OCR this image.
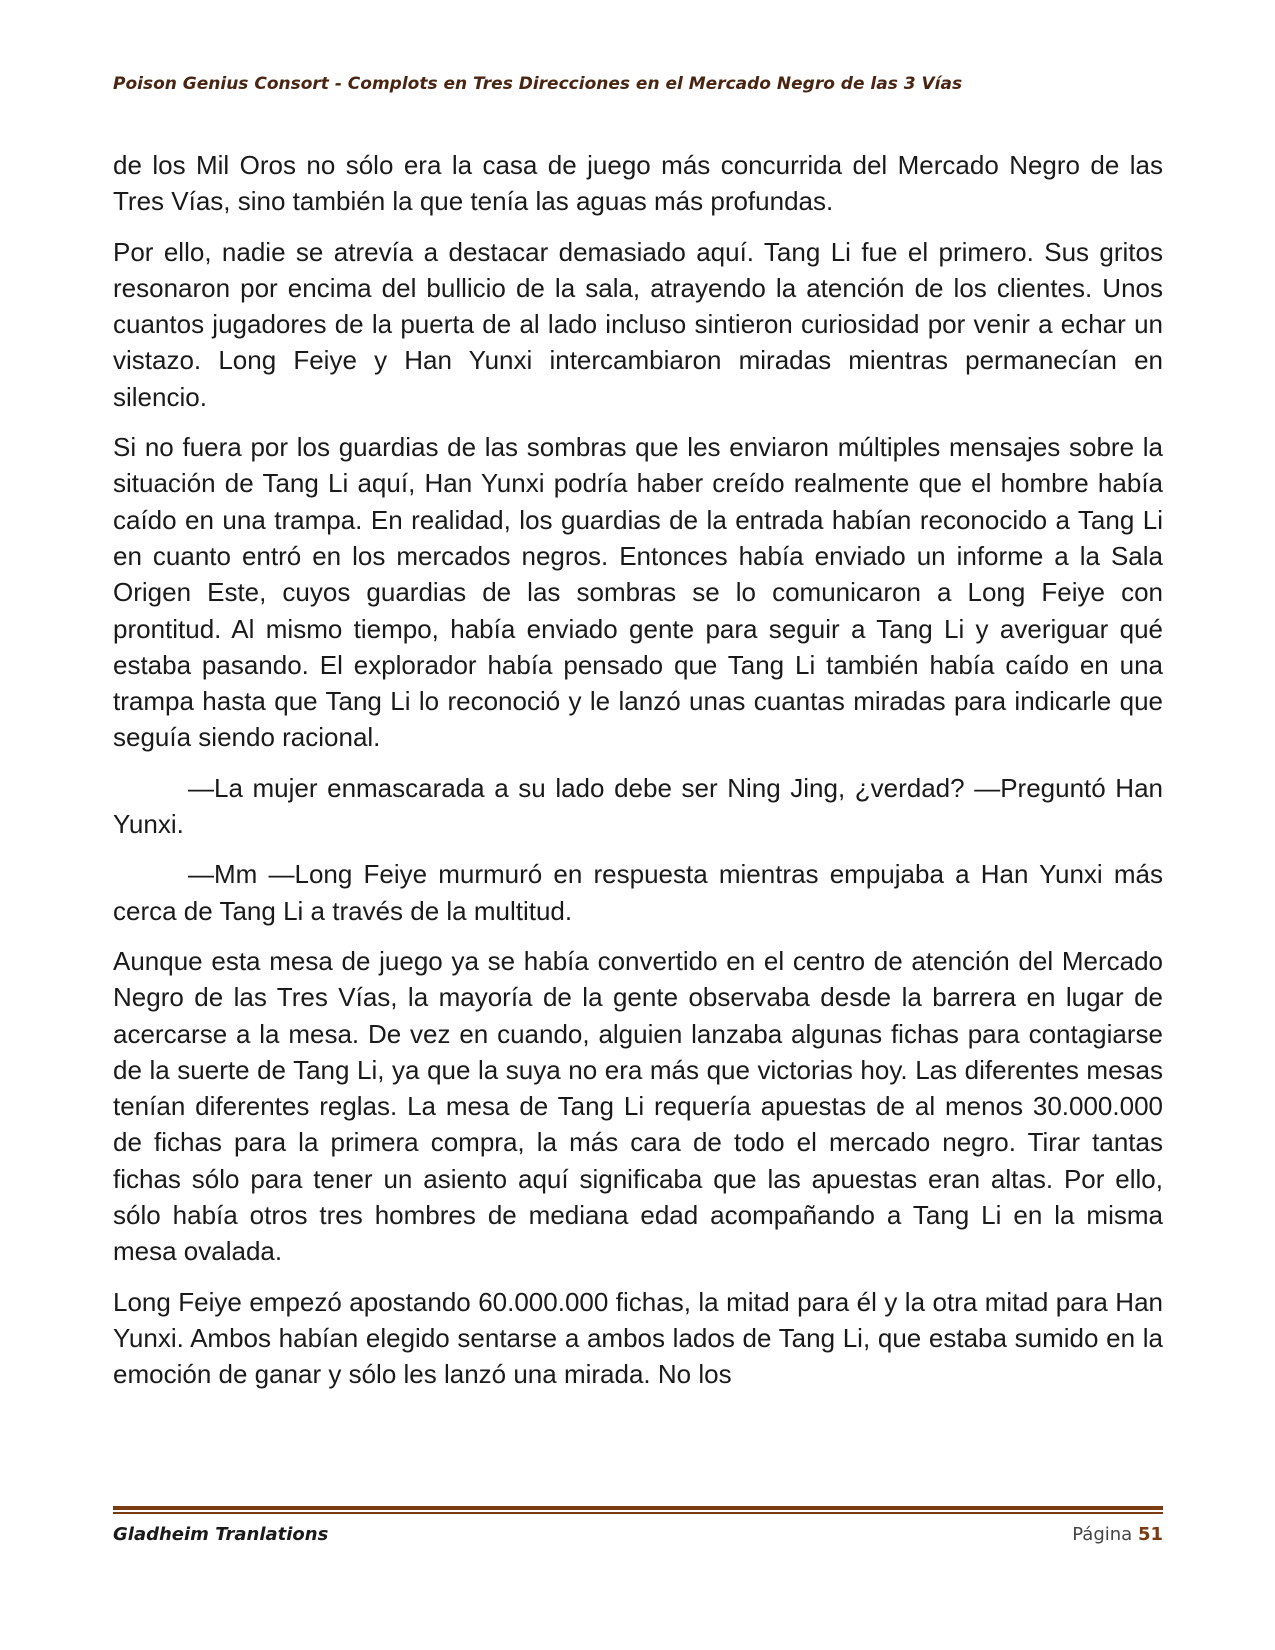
Poison Genius Consort - Complots en Tres Direcciones en el Mercado Negro de las 3 Vías

de los Mil Oros no sólo era la casa de juego más concurrida del Mercado Negro de las Tres Vías, sino también la que tenía las aguas más profundas.

Por ello, nadie se atrevía a destacar demasiado aquí. Tang Li fue el primero. Sus gritos resonaron por encima del bullicio de la sala, atrayendo la atención de los clientes. Unos cuantos jugadores de la puerta de al lado incluso sintieron curiosidad por venir a echar un vistazo. Long Feiye y Han Yunxi intercambiaron miradas mientras permanecían en silencio.

Si no fuera por los guardias de las sombras que les enviaron múltiples mensajes sobre la situación de Tang Li aquí, Han Yunxi podría haber creído realmente que el hombre había caído en una trampa. En realidad, los guardias de la entrada habían reconocido a Tang Li en cuanto entró en los mercados negros. Entonces había enviado un informe a la Sala Origen Este, cuyos guardias de las sombras se lo comunicaron a Long Feiye con prontitud. Al mismo tiempo, había enviado gente para seguir a Tang Li y averiguar qué estaba pasando. El explorador había pensado que Tang Li también había caído en una trampa hasta que Tang Li lo reconoció y le lanzó unas cuantas miradas para indicarle que seguía siendo racional.

—La mujer enmascarada a su lado debe ser Ning Jing, ¿verdad? —Preguntó Han Yunxi.

—Mm —Long Feiye murmuró en respuesta mientras empujaba a Han Yunxi más cerca de Tang Li a través de la multitud.

Aunque esta mesa de juego ya se había convertido en el centro de atención del Mercado Negro de las Tres Vías, la mayoría de la gente observaba desde la barrera en lugar de acercarse a la mesa. De vez en cuando, alguien lanzaba algunas fichas para contagiarse de la suerte de Tang Li, ya que la suya no era más que victorias hoy. Las diferentes mesas tenían diferentes reglas. La mesa de Tang Li requería apuestas de al menos 30.000.000 de fichas para la primera compra, la más cara de todo el mercado negro. Tirar tantas fichas sólo para tener un asiento aquí significaba que las apuestas eran altas. Por ello, sólo había otros tres hombres de mediana edad acompañando a Tang Li en la misma mesa ovalada.

Long Feiye empezó apostando 60.000.000 fichas, la mitad para él y la otra mitad para Han Yunxi. Ambos habían elegido sentarse a ambos lados de Tang Li, que estaba sumido en la emoción de ganar y sólo les lanzó una mirada. No los

Gladheim Tranlations	Página 51
